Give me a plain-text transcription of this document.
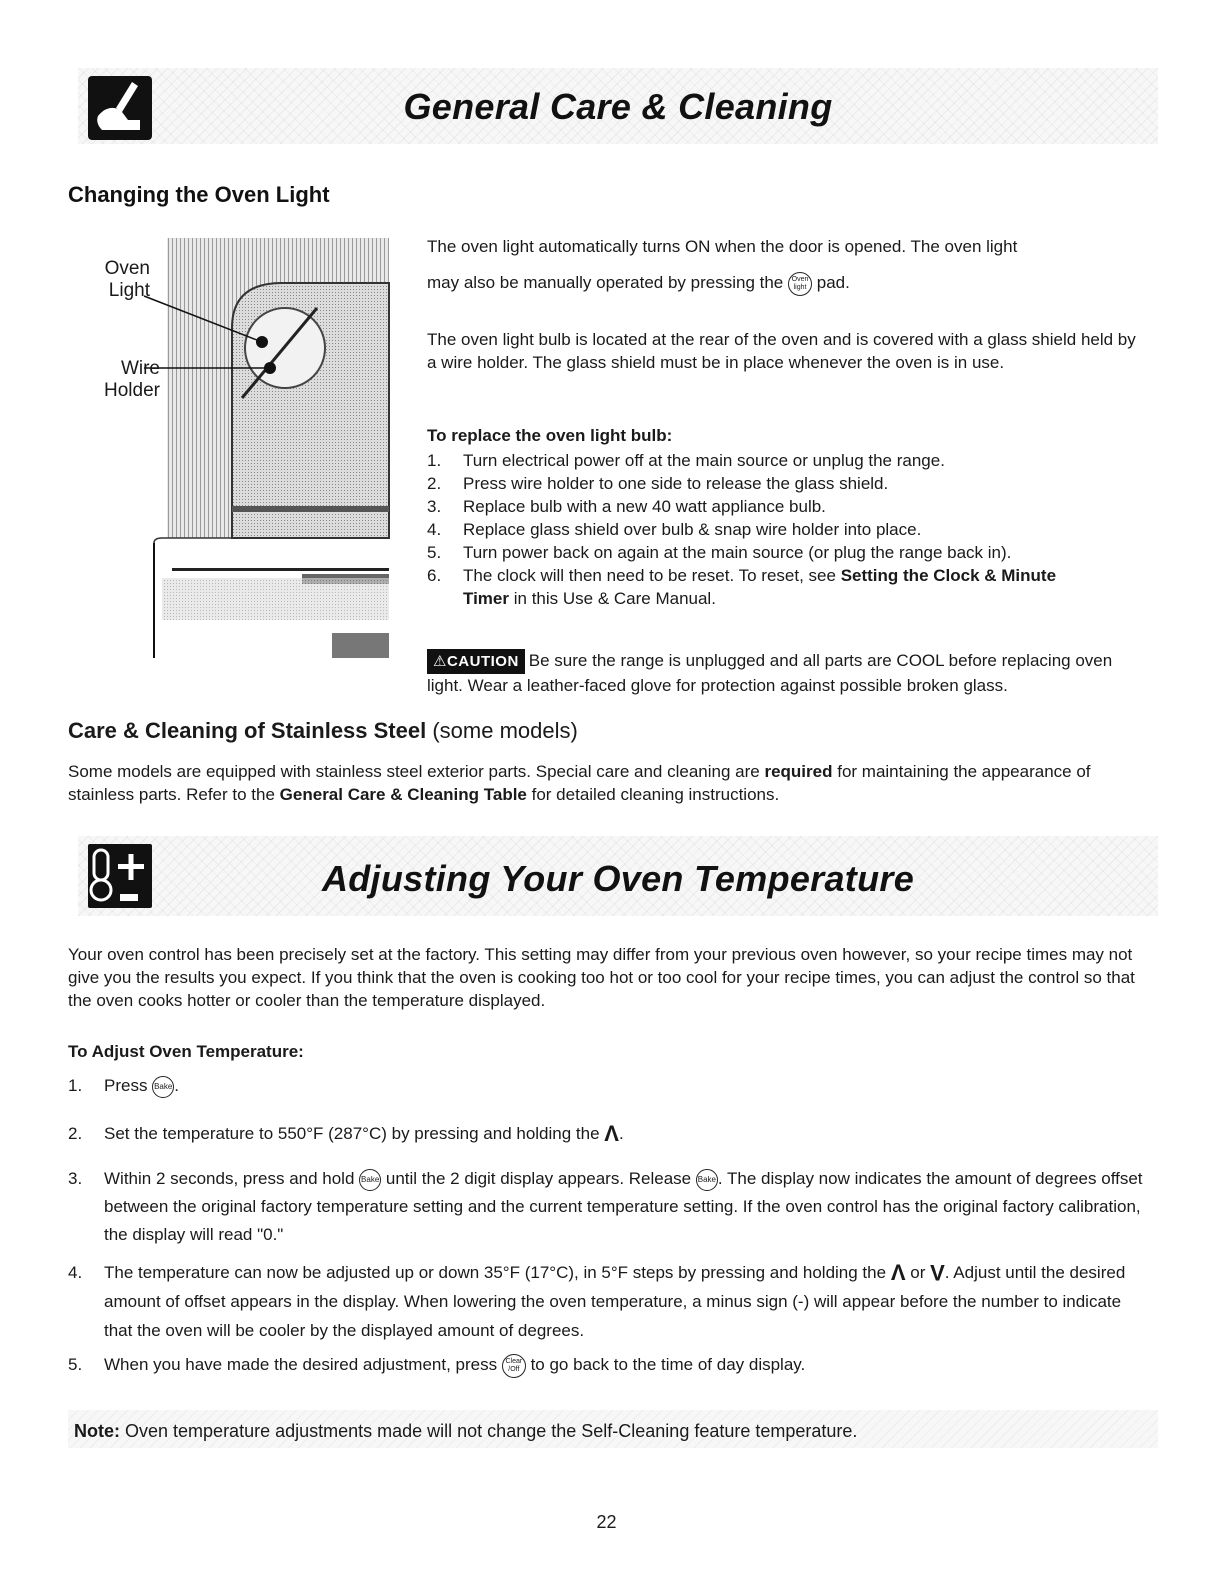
General Care & Cleaning
Changing the Oven Light
Oven
Light
Wire
Holder
The oven light automatically turns ON when the door is opened. The oven light
may also be manually operated by pressing the Oven
light pad.
The oven light bulb is located at the rear of the oven and is covered with a glass shield held by a wire holder. The glass shield must be in place whenever the oven is in use.
To replace the oven light bulb:
1. Turn electrical power off at the main source or unplug the range.
2. Press wire holder to one side to release the glass shield.
3. Replace bulb with a new 40 watt appliance bulb.
4. Replace glass shield over bulb & snap wire holder into place.
5. Turn power back on again at the main source (or plug the range back in).
6. The clock will then need to be reset. To reset, see Setting the Clock & Minute Timer in this Use & Care Manual.
⚠CAUTION Be sure the range is unplugged and all parts are COOL before replacing oven light. Wear a leather-faced glove for protection against possible broken glass.
Care & Cleaning of Stainless Steel (some models)
Some models are equipped with stainless steel exterior parts. Special care and cleaning are required for maintaining the appearance of stainless parts. Refer to the General Care & Cleaning Table for detailed cleaning instructions.
Adjusting Your Oven Temperature
Your oven control has been precisely set at the factory. This setting may differ from your previous oven however, so your recipe times may not give you the results you expect. If you think that the oven is cooking too hot or too cool for your recipe times, you can adjust the control so that the oven cooks hotter or cooler than the temperature displayed.
To Adjust Oven Temperature:
1. Press Bake .
2. Set the temperature to 550°F (287°C) by pressing and holding the Λ.
3. Within 2 seconds, press and hold Bake until the 2 digit display appears. Release Bake . The display now indicates the amount of degrees offset between the original factory temperature setting and the current temperature setting. If the oven control has the original factory calibration, the display will read "0."
4. The temperature can now be adjusted up or down 35°F (17°C), in 5°F steps by pressing and holding the Λ or Λ. Adjust until the desired amount of offset appears in the display. When lowering the oven temperature, a minus sign (-) will appear before the number to indicate that the oven will be cooler by the displayed amount of degrees.
5. When you have made the desired adjustment, press Clear
/Off to go back to the time of day display.
Note: Oven temperature adjustments made will not change the Self-Cleaning feature temperature.
22
